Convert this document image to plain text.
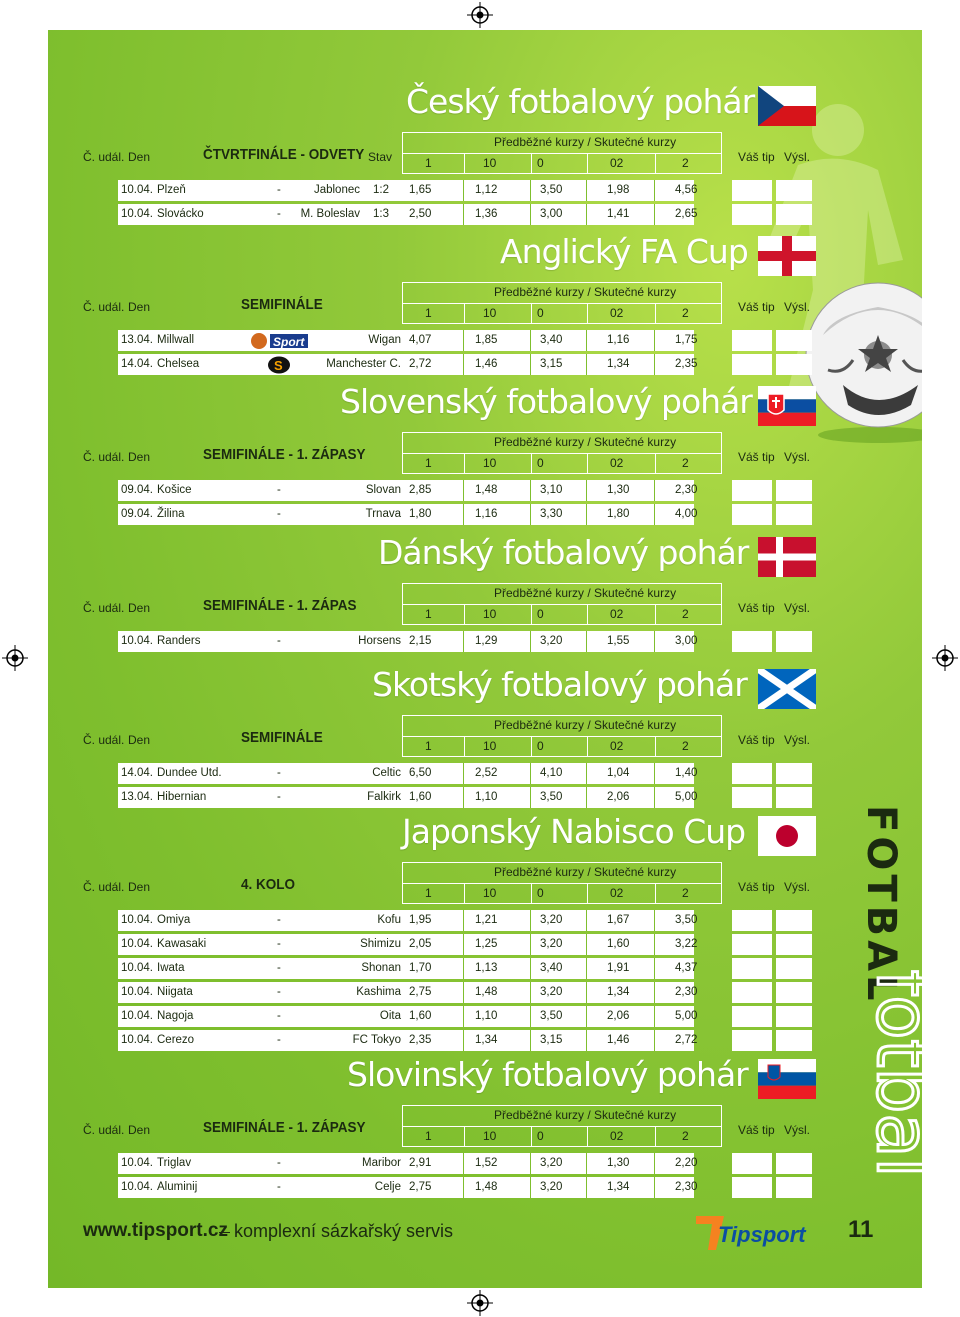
FOTBAL
fotbal
Český fotbalový pohár
Č. udál. Den	ČTVRTFINÁLE - ODVETY Stav
Předběžné kurzy / Skutečné kurzy
1	10	0	02	2	Váš tip Výsl.
10.04. Plzeň	-	Jablonec 1:2 1,65	1,12	3,50	1,98	4,56
10.04. Slovácko	- M. Boleslav 1:3 2,50	1,36	3,00	1,41	2,65
Anglický FA Cup
Č. udál. Den	SEMIFINÁLE
Předběžné kurzy / Skutečné kurzy
1	10	0	02	2	Váš tip Výsl.
13.04. Millwall	Sport	Wigan 4,07	1,85	3,40	1,16	1,75
14.04. Chelsea	S	Manchester C. 2,72	1,46	3,15	1,34	2,35
Slovenský fotbalový pohár
Č. udál. Den	SEMIFINÁLE - 1. ZÁPASY
Předběžné kurzy / Skutečné kurzy
1	10	0	02	2	Váš tip Výsl.
09.04. Košice	-	Slovan 2,85	1,48	3,10	1,30	2,30
09.04. Žilina	-	Trnava 1,80	1,16	3,30	1,80	4,00
Dánský fotbalový pohár
Č. udál. Den	SEMIFINÁLE - 1. ZÁPAS
Předběžné kurzy / Skutečné kurzy
1	10	0	02	2	Váš tip Výsl.
10.04. Randers	-	Horsens 2,15	1,29	3,20	1,55	3,00
Skotský fotbalový pohár
Č. udál. Den	SEMIFINÁLE
Předběžné kurzy / Skutečné kurzy
1	10	0	02	2	Váš tip Výsl.
14.04. Dundee Utd.	-	Celtic 6,50	2,52	4,10	1,04	1,40
13.04. Hibernian	-	Falkirk 1,60	1,10	3,50	2,06	5,00
Japonský Nabisco Cup
Č. udál. Den	4. KOLO
Předběžné kurzy / Skutečné kurzy
1	10	0	02	2	Váš tip Výsl.
10.04. Omiya	-	Kofu 1,95	1,21	3,20	1,67	3,50
10.04. Kawasaki	-	Shimizu 2,05	1,25	3,20	1,60	3,22
10.04. Iwata	-	Shonan 1,70	1,13	3,40	1,91	4,37
10.04. Niigata	-	Kashima 2,75	1,48	3,20	1,34	2,30
10.04. Nagoja	-	Oita 1,60	1,10	3,50	2,06	5,00
10.04. Cerezo	-	FC Tokyo 2,35	1,34	3,15	1,46	2,72
Slovinský fotbalový pohár
Č. udál. Den	SEMIFINÁLE - 1. ZÁPASY
Předběžné kurzy / Skutečné kurzy
1	10	0	02	2	Váš tip Výsl.
10.04. Triglav	-	Maribor 2,91	1,52	3,20	1,30	2,20
10.04. Aluminij	-	Celje 2,75	1,48	3,20	1,34	2,30
www.tipsport.cz komplexní sázkařský servis	Tipsport 11
